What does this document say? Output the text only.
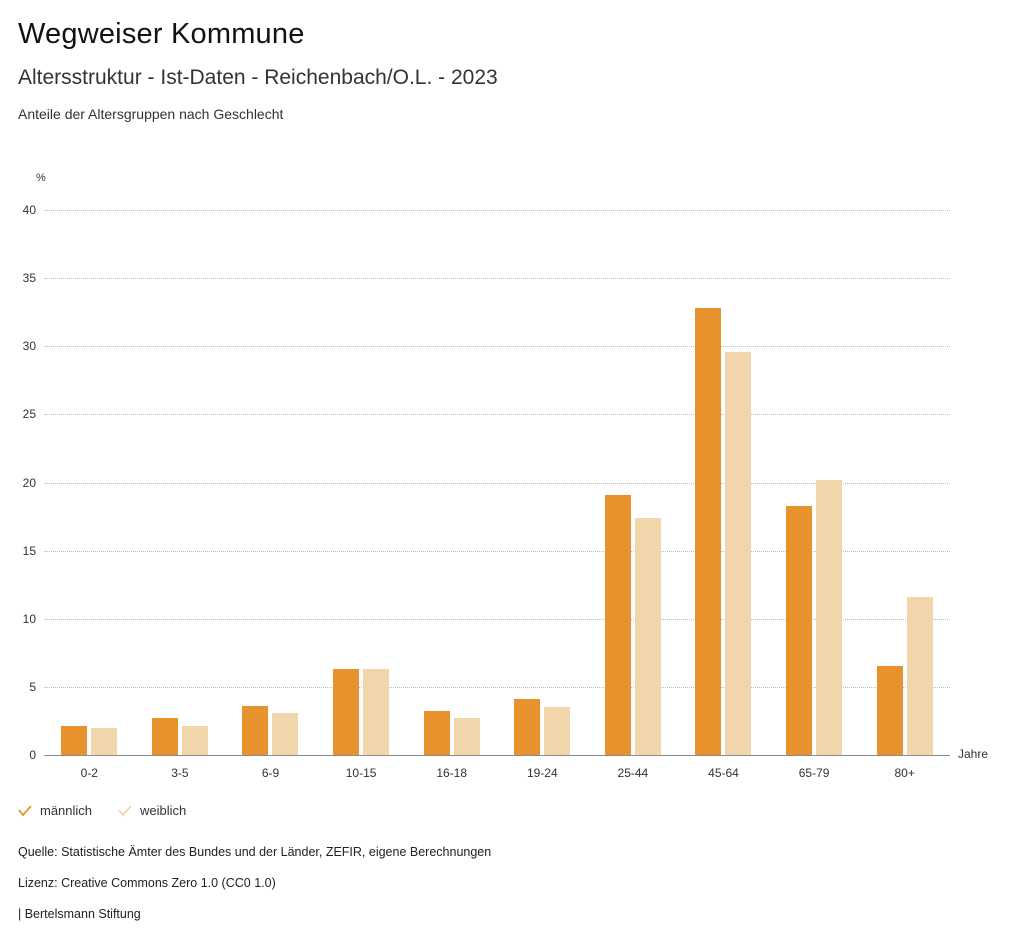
Wegweiser Kommune
Altersstruktur - Ist-Daten - Reichenbach/O.L. - 2023
Anteile der Altersgruppen nach Geschlecht
%
Jahre
0-2	3-5	6-9	10-15	16-18	19-24	25-44	45-64	65-79	80+
0
5
10
15
20
25
30
35
40
männlich	weiblich
Quelle: Statistische Ämter des Bundes und der Länder, ZEFIR, eigene Berechnungen
Lizenz: Creative Commons Zero 1.0 (CC0 1.0)
| Bertelsmann Stiftung
